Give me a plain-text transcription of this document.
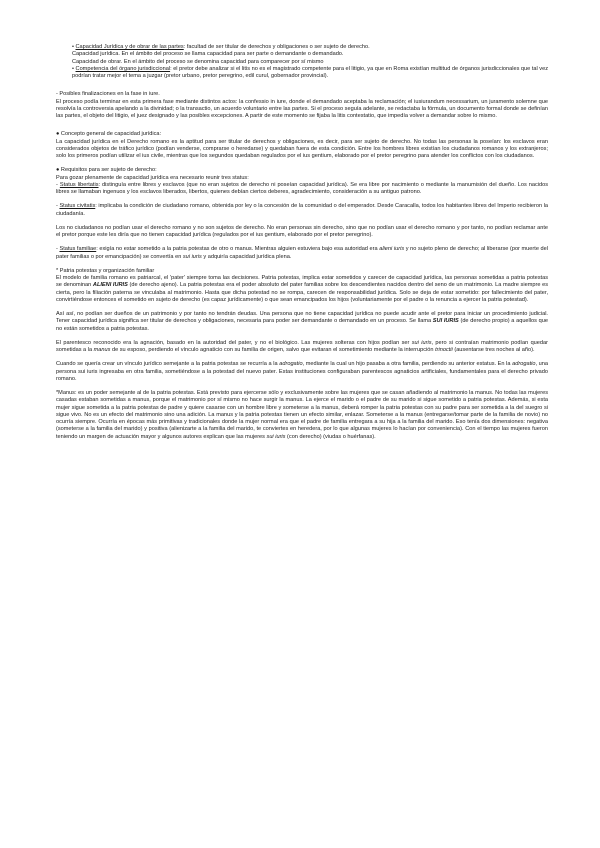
• Capacidad Jurídica y de obrar de las partes: facultad de ser titular de derechos y obligaciones o ser sujeto de derecho.

Capacidad jurídica. En el ámbito del proceso se llama capacidad para ser parte o demandante o demandado.

Capacidad de obrar. En el ámbito del proceso se denomina capacidad para comparecer por sí mismo

• Competencia del órgano jurisdiccional: el pretor debe analizar si el litis no es el magistrado competente para el litigio, ya que en Roma existían multitud de órganos jurisdiccionales que tal vez podrían tratar mejor el tema a juzgar (pretor urbano, pretor peregrino, edil curul, gobernador provincial).

- Posibles finalizaciones en la fase in iure.

El proceso podía terminar en esta primera fase mediante distintos actos: la confessio in iure, donde el demandado aceptaba la reclamación; el iusiurandum necessarium, un juramento solemne que resolvía la controversia apelando a la divinidad; o la transactio, un acuerdo voluntario entre las partes. Si el proceso seguía adelante, se redactaba la fórmula, un documento formal donde se definían las partes, el objeto del litigio, el juez designado y las posibles excepciones. A partir de este momento se fijaba la litis contestatio, que impedía volver a demandar sobre lo mismo.

● Concepto general de capacidad jurídica:

La capacidad jurídica en el Derecho romano es la aptitud para ser titular de derechos y obligaciones, es decir, para ser sujeto de derecho. No todas las personas la poseían: los esclavos eran considerados objetos de tráfico jurídico (podían venderse, comprarse o heredarse) y quedaban fuera de esta condición. Entre los hombres libres existían los ciudadanos romanos y los extranjeros; solo los primeros podían utilizar el ius civile, mientras que los segundos quedaban regulados por el ius gentium, elaborado por el pretor peregrino para atender los conflictos con los ciudadanos.

● Requisitos para ser sujeto de derecho:

Para gozar plenamente de capacidad jurídica era necesario reunir tres status:

- Status libertatis: distinguía entre libres y esclavos (que no eran sujetos de derecho ni poseían capacidad jurídica). Se era libre por nacimiento o mediante la manumisión del dueño. Los nacidos libres se llamaban ingenuos y los esclavos liberados, libertos, quienes debían ciertos deberes, agradecimiento, consideración a su antiguo patrono.

- Status civitatis: implicaba la condición de ciudadano romano, obtenida por ley o la concesión de la comunidad o del emperador. Desde Caracalla, todos los habitantes libres del Imperio recibieron la ciudadanía.

Los no ciudadanos no podían usar el derecho romano y no son sujetos de derecho. No eran personas sin derecho, sino que no podían usar el derecho romano y por tanto, no podían reclamar ante el pretor porque este les diría que no tienen capacidad jurídica (regulados por el ius gentium, elaborado por el pretor peregrino).

- Status familiae: exigía no estar sometido a la patria potestas de otro o manus. Mientras alguien estuviera bajo esa autoridad era alieni iuris y no sujeto pleno de derecho; al liberarse (por muerte del pater familias o por emancipación) se convertía en sui iuris y adquiría capacidad jurídica plena.

* Patria potestas y organización familiar

El modelo de familia romano es patriarcal, el 'pater' siempre toma las decisiones. Patria potestas, implica estar sometidos y carecer de capacidad jurídica, las personas sometidas a patria potestas se denominan ALIENI IURIS (de derecho ajeno). La patria potestas era el poder absoluto del pater familias sobre los descendientes nacidos dentro del seno de un matrimonio. La madre siempre es cierta, pero la filiación paterna se vinculaba al matrimonio. Hasta que dicha potestad no se rompa, carecen de responsabilidad jurídica. Solo se deja de estar sometido: por fallecimiento del pater, convirtiéndose entonces el sometido en sujeto de derecho (es capaz jurídicamente) o que sean emancipados los hijos (voluntariamente por el padre o la renuncia a ejercer la patria potestad).

Así así, no podían ser dueños de un patrimonio y por tanto no tendrán deudas. Una persona que no tiene capacidad jurídica no puede acudir ante el pretor para iniciar un procedimiento judicial. Tener capacidad jurídica significa ser titular de derechos y obligaciones, necesaria para poder ser demandante o demandado en un proceso. Se llama SUI IURIS (de derecho propio) a aquellos que no están sometidos a patria potestas.

El parentesco reconocido era la agnación, basado en la autoridad del pater, y no el biológico. Las mujeres solteras con hijos podían ser sui iuris, pero si contraían matrimonio podían quedar sometidas a la manus de su esposo, perdiendo el vínculo agnaticio con su familia de origen, salvo que evitaran el sometimiento mediante la interrupción trinoctii (ausentarse tres noches al año).

Cuando se quería crear un vínculo jurídico semejante a la patria potestas se recurría a la adrogatio, mediante la cual un hijo pasaba a otra familia, perdiendo su anterior estatus. En la adrogatio, una persona sui iuris ingresaba en otra familia, sometiéndose a la potestad del nuevo pater. Estas instituciones configuraban parentescos agnaticios artificiales, fundamentales para el derecho privado romano.

*Manus: es un poder semejante al de la patria potestas. Está previsto para ejercerse sólo y exclusivamente sobre las mujeres que se casan añadiendo al matrimonio la manus. No todas las mujeres casadas estaban sometidas a manus, porque el matrimonio por sí mismo no hace surgir la manus. La ejerce el marido o el padre de su marido si sigue sometido a patria potestas. Además, si esta mujer sigue sometida a la patria potestas de padre y quiere casarse con un hombre libre y someterse a la manus, deberá romper la patria potestas con su padre para ser sometida a la del suegro si sigue vivo. No es un efecto del matrimonio sino una adición. La manus y la patria potestas tienen un efecto similar, enlazar. Someterse a la manus (entregarse/tomar parte de la familia de novio) no ocurría siempre. Ocurría en épocas más primitivas y tradicionales donde la mujer normal era que el padre de familia entregara a su hija a la familia del marido. Eso tenía dos dimensiones: negativa (someterse a la familia del marido) y positiva (alienizarte a la familia del marido, te conviertes en heredera, por lo que algunas mujeres lo hacían por conveniencia). Con el tiempo las mujeres fueron teniendo un margen de actuación mayor y algunos autores explican que las mujeres sui iuris (con derecho) (viudas o huérfanas).
